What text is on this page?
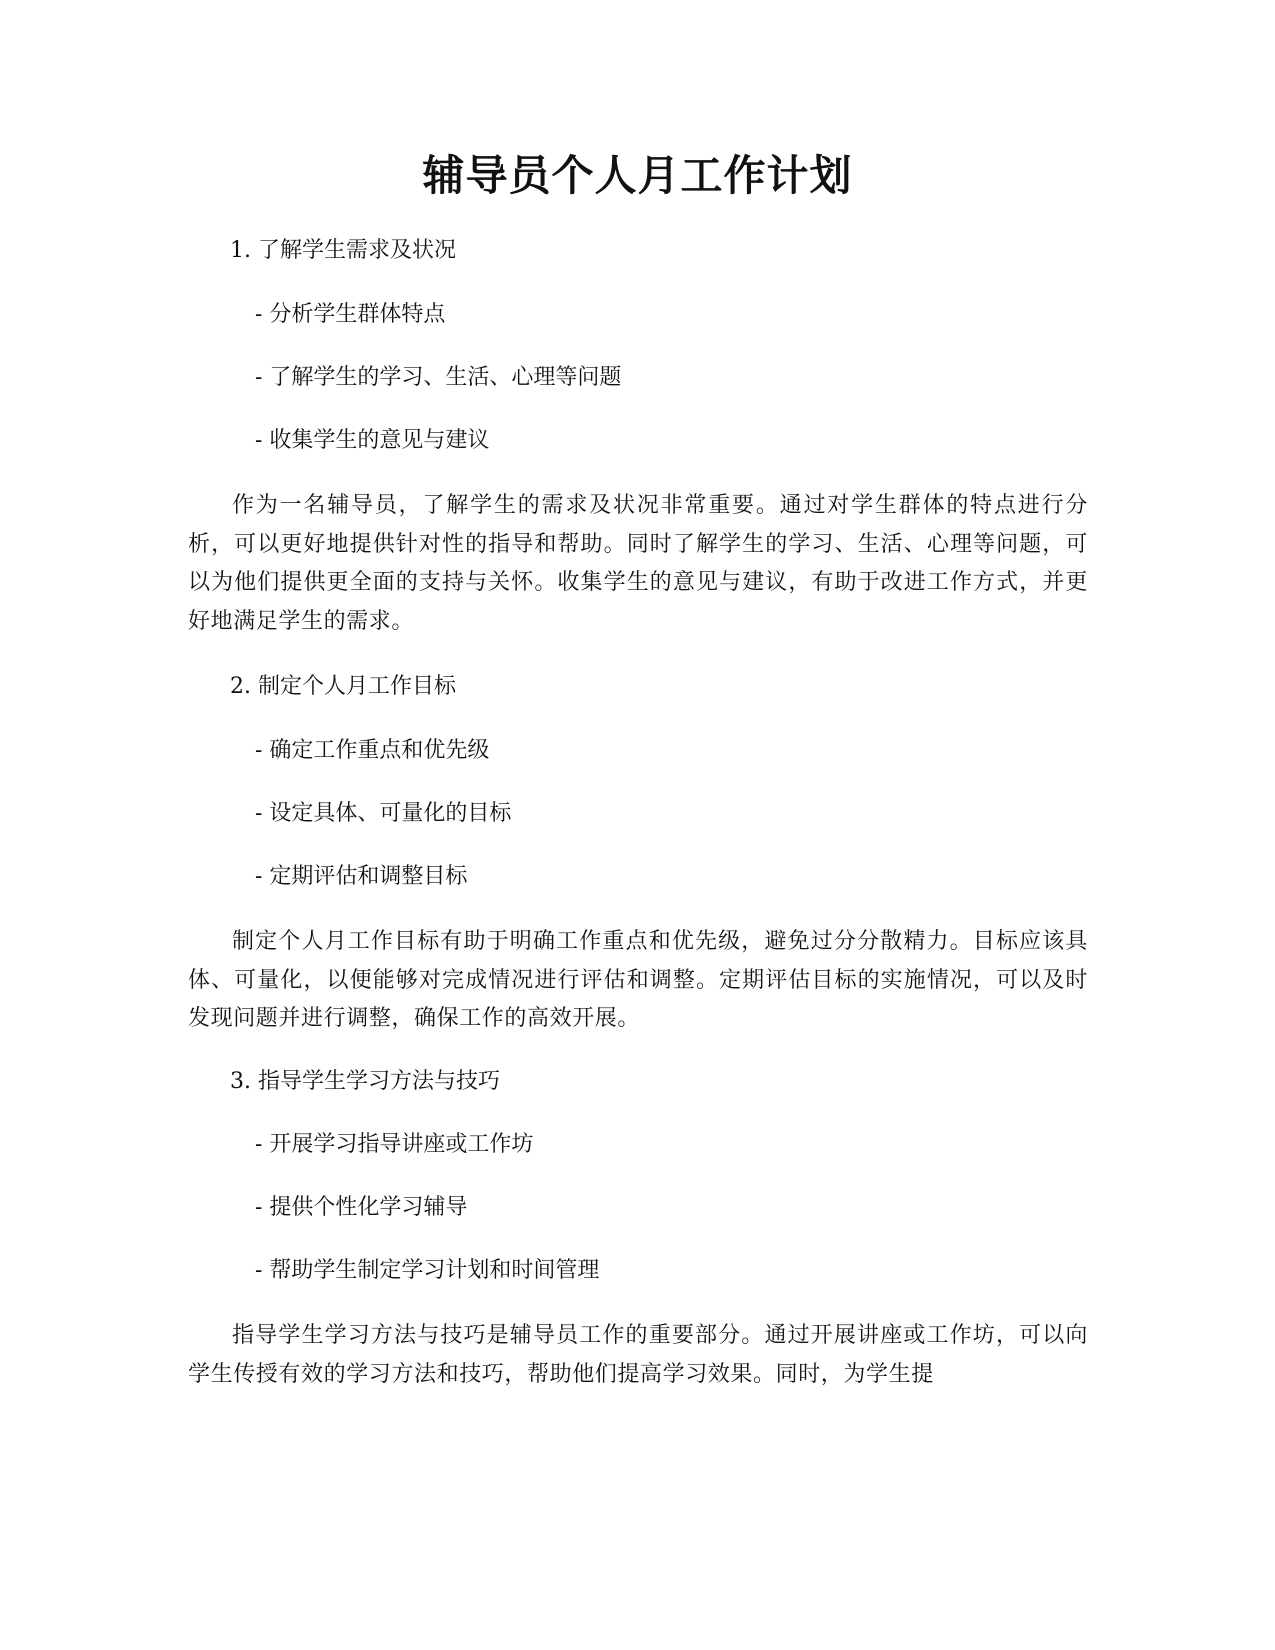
辅导员个人月工作计划
1. 了解学生需求及状况
- 分析学生群体特点
- 了解学生的学习、生活、心理等问题
- 收集学生的意见与建议
作为一名辅导员，了解学生的需求及状况非常重要。通过对学生群体的特点进行分析，可以更好地提供针对性的指导和帮助。同时了解学生的学习、生活、心理等问题，可以为他们提供更全面的支持与关怀。收集学生的意见与建议，有助于改进工作方式，并更好地满足学生的需求。
2. 制定个人月工作目标
- 确定工作重点和优先级
- 设定具体、可量化的目标
- 定期评估和调整目标
制定个人月工作目标有助于明确工作重点和优先级，避免过分分散精力。目标应该具体、可量化，以便能够对完成情况进行评估和调整。定期评估目标的实施情况，可以及时发现问题并进行调整，确保工作的高效开展。
3. 指导学生学习方法与技巧
- 开展学习指导讲座或工作坊
- 提供个性化学习辅导
- 帮助学生制定学习计划和时间管理
指导学生学习方法与技巧是辅导员工作的重要部分。通过开展讲座或工作坊，可以向学生传授有效的学习方法和技巧，帮助他们提高学习效果。同时，为学生提
